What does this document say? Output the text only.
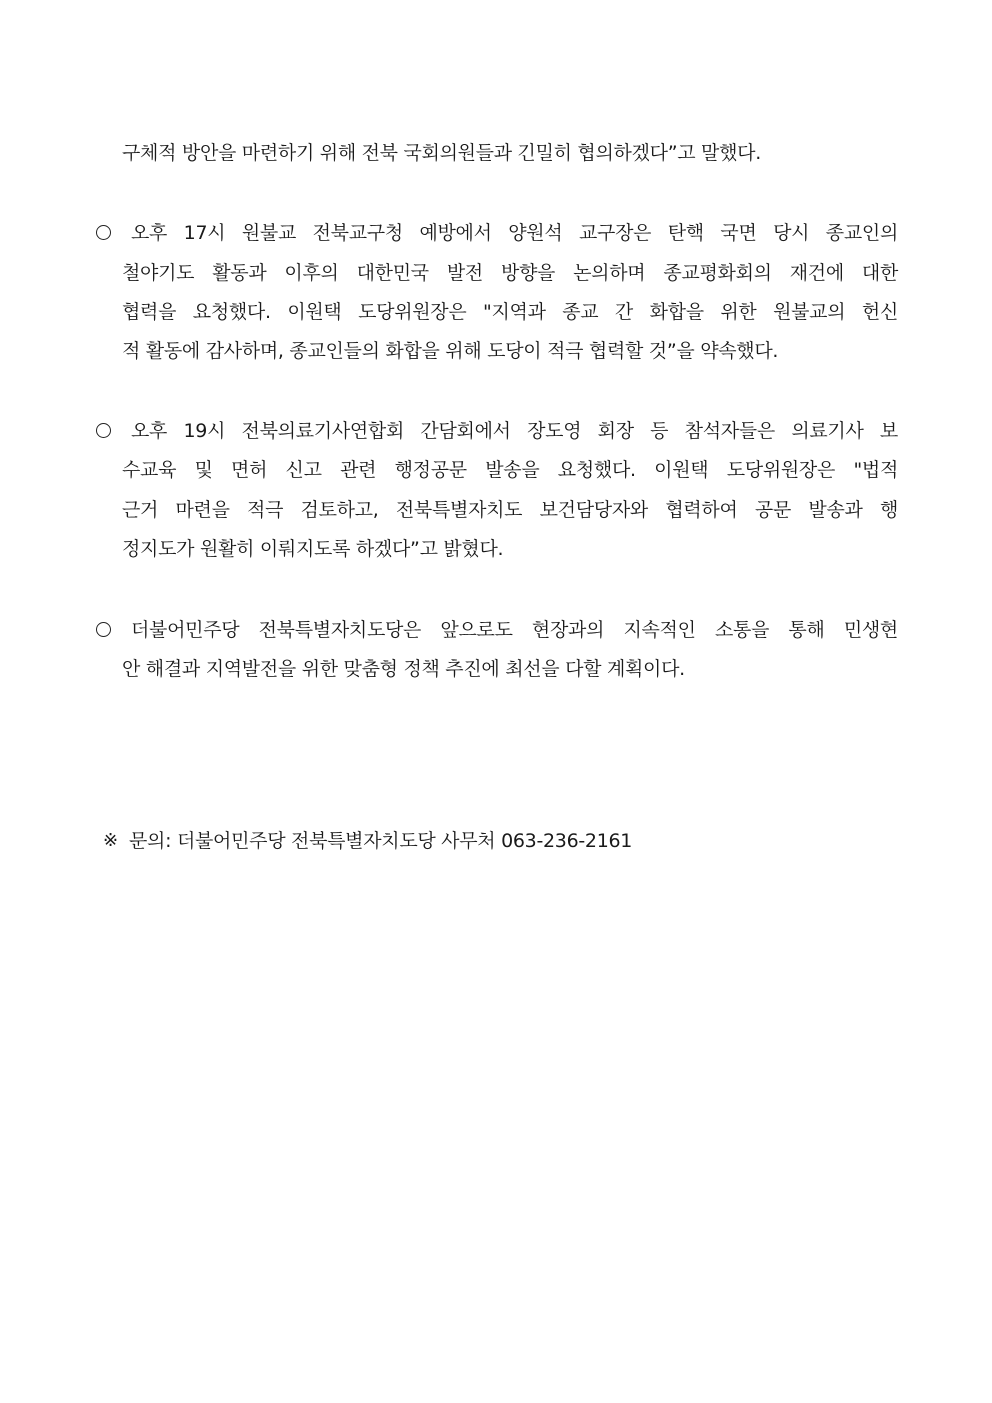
구체적 방안을 마련하기 위해 전북 국회의원들과 긴밀히 협의하겠다”고 말했다.
오후 17시 원불교 전북교구청 예방에서 양원석 교구장은 탄핵 국면 당시 종교인의
철야기도 활동과 이후의 대한민국 발전 방향을 논의하며 종교평화회의 재건에 대한
협력을 요청했다. 이원택 도당위원장은 "지역과 종교 간 화합을 위한 원불교의 헌신
적 활동에 감사하며, 종교인들의 화합을 위해 도당이 적극 협력할 것”을 약속했다.
오후 19시 전북의료기사연합회 간담회에서 장도영 회장 등 참석자들은 의료기사 보
수교육 및 면허 신고 관련 행정공문 발송을 요청했다. 이원택 도당위원장은 "법적
근거 마련을 적극 검토하고, 전북특별자치도 보건담당자와 협력하여 공문 발송과 행
정지도가 원활히 이뤄지도록 하겠다”고 밝혔다.
더불어민주당 전북특별자치도당은 앞으로도 현장과의 지속적인 소통을 통해 민생현
안 해결과 지역발전을 위한 맞춤형 정책 추진에 최선을 다할 계획이다.
※ 문의: 더불어민주당 전북특별자치도당 사무처 063-236-2161
